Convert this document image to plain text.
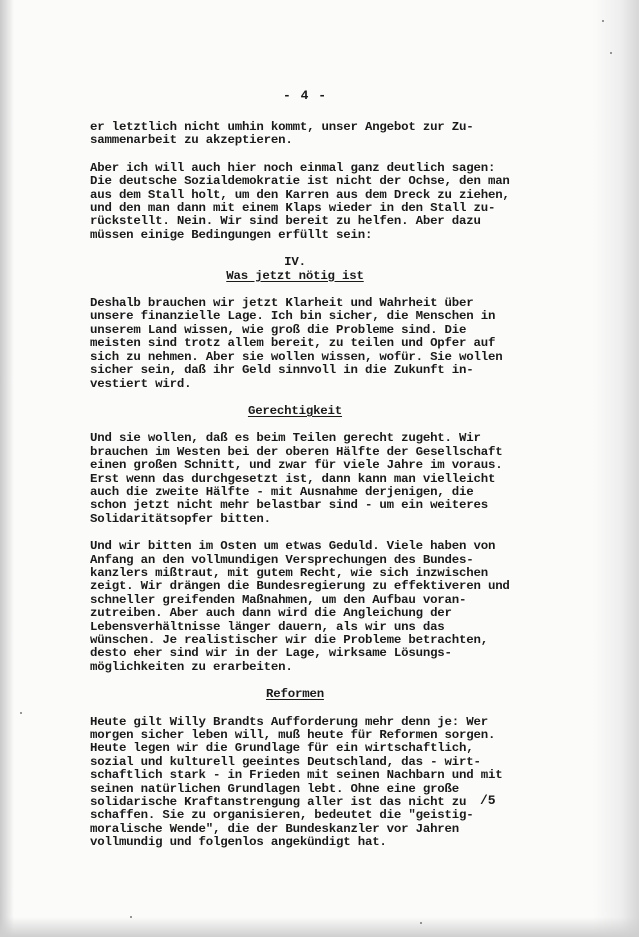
- 4 -
er letztlich nicht umhin kommt, unser Angebot zur Zu-
sammenarbeit zu akzeptieren.
Aber ich will auch hier noch einmal ganz deutlich sagen:
Die deutsche Sozialdemokratie ist nicht der Ochse, den man
aus dem Stall holt, um den Karren aus dem Dreck zu ziehen,
und den man dann mit einem Klaps wieder in den Stall zu-
rückstellt. Nein. Wir sind bereit zu helfen. Aber dazu
müssen einige Bedingungen erfüllt sein:
IV.
Was jetzt nötig ist
Deshalb brauchen wir jetzt Klarheit und Wahrheit über
unsere finanzielle Lage. Ich bin sicher, die Menschen in
unserem Land wissen, wie groß die Probleme sind. Die
meisten sind trotz allem bereit, zu teilen und Opfer auf
sich zu nehmen. Aber sie wollen wissen, wofür. Sie wollen
sicher sein, daß ihr Geld sinnvoll in die Zukunft in-
vestiert wird.
Gerechtigkeit
Und sie wollen, daß es beim Teilen gerecht zugeht. Wir
brauchen im Westen bei der oberen Hälfte der Gesellschaft
einen großen Schnitt, und zwar für viele Jahre im voraus.
Erst wenn das durchgesetzt ist, dann kann man vielleicht
auch die zweite Hälfte - mit Ausnahme derjenigen, die
schon jetzt nicht mehr belastbar sind - um ein weiteres
Solidaritätsopfer bitten.
Und wir bitten im Osten um etwas Geduld. Viele haben von
Anfang an den vollmundigen Versprechungen des Bundes-
kanzlers mißtraut, mit gutem Recht, wie sich inzwischen
zeigt. Wir drängen die Bundesregierung zu effektiveren und
schneller greifenden Maßnahmen, um den Aufbau voran-
zutreiben. Aber auch dann wird die Angleichung der
Lebensverhältnisse länger dauern, als wir uns das
wünschen. Je realistischer wir die Probleme betrachten,
desto eher sind wir in der Lage, wirksame Lösungs-
möglichkeiten zu erarbeiten.
Reformen
Heute gilt Willy Brandts Aufforderung mehr denn je: Wer
morgen sicher leben will, muß heute für Reformen sorgen.
Heute legen wir die Grundlage für ein wirtschaftlich,
sozial und kulturell geeintes Deutschland, das - wirt-
schaftlich stark - in Frieden mit seinen Nachbarn und mit
seinen natürlichen Grundlagen lebt. Ohne eine große
solidarische Kraftanstrengung aller ist das nicht zu
schaffen. Sie zu organisieren, bedeutet die "geistig-
moralische Wende", die der Bundeskanzler vor Jahren
vollmundig und folgenlos angekündigt hat.
/5
